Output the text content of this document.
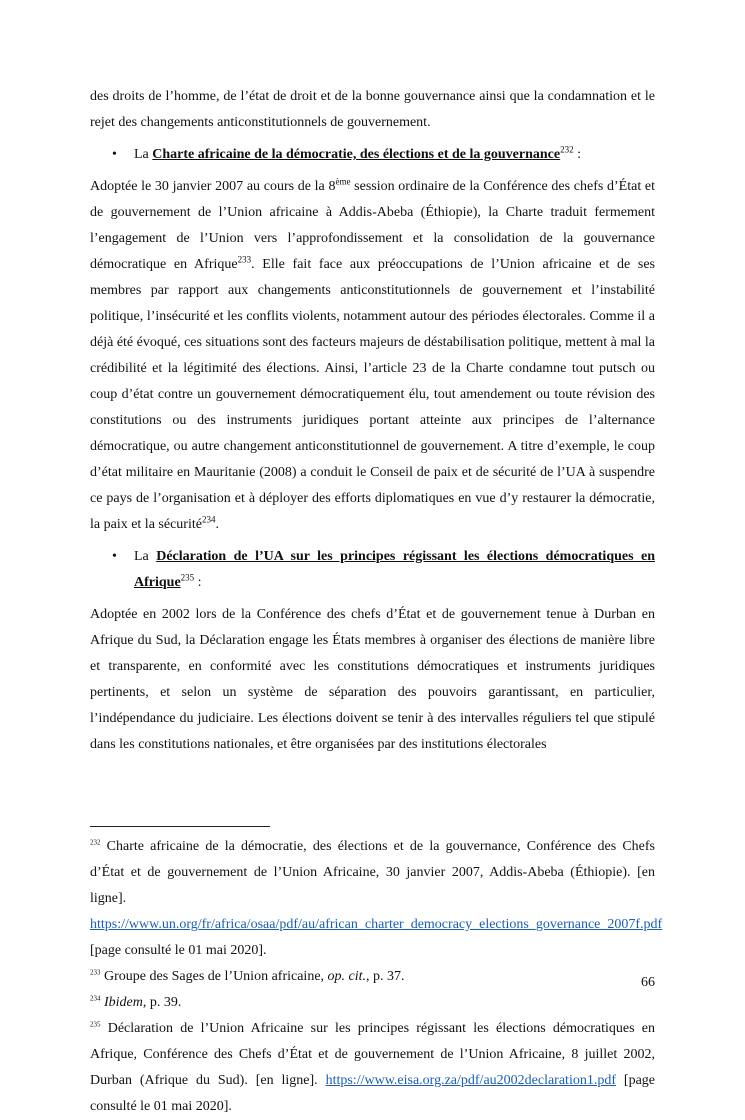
des droits de l’homme, de l’état de droit et de la bonne gouvernance ainsi que la condamnation et le rejet des changements anticonstitutionnels de gouvernement.

• La Charte africaine de la démocratie, des élections et de la gouvernance$^{232}$ :

Adoptée le 30 janvier 2007 au cours de la 8ème session ordinaire de la Conférence des chefs d’État et de gouvernement de l’Union africaine à Addis-Abeba (Éthiopie), la Charte traduit fermement l’engagement de l’Union vers l’approfondissement et la consolidation de la gouvernance démocratique en Afrique$^{233}$. Elle fait face aux préoccupations de l’Union africaine et de ses membres par rapport aux changements anticonstitutionnels de gouvernement et l’instabilité politique, l’insécurité et les conflits violents, notamment autour des périodes électorales. Comme il a déjà été évoqué, ces situations sont des facteurs majeurs de déstabilisation politique, mettent à mal la crédibilité et la légitimité des élections. Ainsi, l’article 23 de la Charte condamne tout putsch ou coup d’état contre un gouvernement démocratiquement élu, tout amendement ou toute révision des constitutions ou des instruments juridiques portant atteinte aux principes de l’alternance démocratique, ou autre changement anticonstitutionnel de gouvernement. A titre d’exemple, le coup d’état militaire en Mauritanie (2008) a conduit le Conseil de paix et de sécurité de l’UA à suspendre ce pays de l’organisation et à déployer des efforts diplomatiques en vue d’y restaurer la démocratie, la paix et la sécurité$^{234}$.

• La Déclaration de l’UA sur les principes régissant les élections démocratiques en Afrique$^{235}$ :

Adoptée en 2002 lors de la Conférence des chefs d’État et de gouvernement tenue à Durban en Afrique du Sud, la Déclaration engage les États membres à organiser des élections de manière libre et transparente, en conformité avec les constitutions démocratiques et instruments juridiques pertinents, et selon un système de séparation des pouvoirs garantissant, en particulier, l’indépendance du judiciaire. Les élections doivent se tenir à des intervalles réguliers tel que stipulé dans les constitutions nationales, et être organisées par des institutions électorales

$^{232}$ Charte africaine de la démocratie, des élections et de la gouvernance, Conférence des Chefs d’État et de gouvernement de l’Union Africaine, 30 janvier 2007, Addis-Abeba (Éthiopie). [en ligne]. https://www.un.org/fr/africa/osaa/pdf/au/african_charter_democracy_elections_governance_2007f.pdf [page consulté le 01 mai 2020].

$^{233}$ Groupe des Sages de l’Union africaine, op. cit., p. 37.

$^{234}$ Ibidem, p. 39.

$^{235}$ Déclaration de l’Union Africaine sur les principes régissant les élections démocratiques en Afrique, Conférence des Chefs d’État et de gouvernement de l’Union Africaine, 8 juillet 2002, Durban (Afrique du Sud). [en ligne]. https://www.eisa.org.za/pdf/au2002declaration1.pdf [page consulté le 01 mai 2020].

66
